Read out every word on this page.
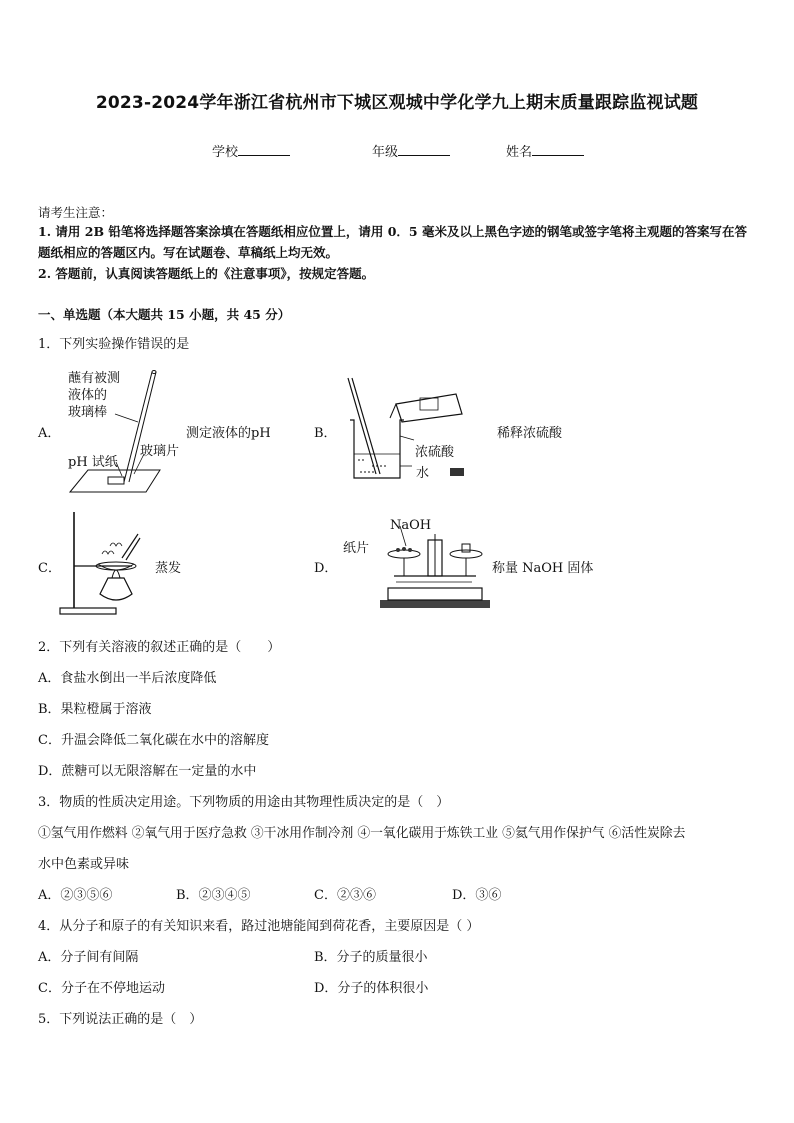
2023-2024学年浙江省杭州市下城区观城中学化学九上期末质量跟踪监视试题
学校	年级	姓名
请考生注意：
1. 请用 2B 铅笔将选择题答案涂填在答题纸相应位置上，请用 0．5 毫米及以上黑色字迹的钢笔或签字笔将主观题的答案写在答题纸相应的答题区内。写在试题卷、草稿纸上均无效。
2. 答题前，认真阅读答题纸上的《注意事项》，按规定答题。
一、单选题（本大题共 15 小题，共 45 分）
1．下列实验操作错误的是
A．
蘸有被测
液体的
玻璃棒
玻璃片
pH 试纸
测定液体的pH	B．
浓硫酸
水
稀释浓硫酸
C．	蒸发	D．
NaOH
纸片
称量 NaOH 固体
2．下列有关溶液的叙述正确的是（　　）
A．食盐水倒出一半后浓度降低
B．果粒橙属于溶液
C．升温会降低二氧化碳在水中的溶解度
D．蔗糖可以无限溶解在一定量的水中
3．物质的性质决定用途。下列物质的用途由其物理性质决定的是（　）
①氢气用作燃料 ②氧气用于医疗急救 ③干冰用作制冷剂 ④一氧化碳用于炼铁工业 ⑤氦气用作保护气 ⑥活性炭除去
水中色素或异味
A．②③⑤⑥	B．②③④⑤	C．②③⑥	D．③⑥
4．从分子和原子的有关知识来看，路过池塘能闻到荷花香，主要原因是（ ）
A．分子间有间隔	B．分子的质量很小
C．分子在不停地运动	D．分子的体积很小
5．下列说法正确的是（　）
